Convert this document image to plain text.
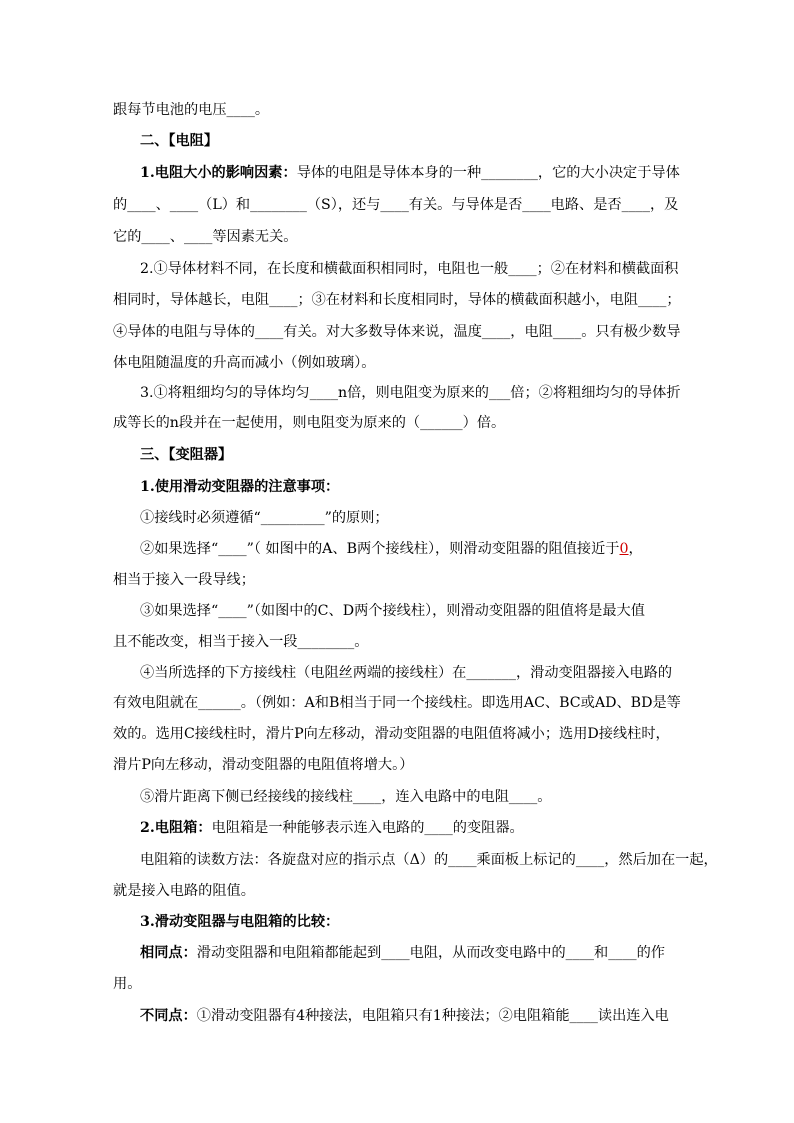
跟每节电池的电压____。
二、【电阻】
1.电阻大小的影响因素：导体的电阻是导体本身的一种________，它的大小决定于导体
的____、____（L）和________（S），还与____有关。与导体是否____电路、是否____，及
它的____、____等因素无关。
2.①导体材料不同，在长度和横截面积相同时，电阻也一般____；②在材料和横截面积
相同时，导体越长，电阻____；③在材料和长度相同时，导体的横截面积越小，电阻____；
④导体的电阻与导体的____有关。对大多数导体来说，温度____，电阻____。只有极少数导
体电阻随温度的升高而减小（例如玻璃）。
3.①将粗细均匀的导体均匀____n倍，则电阻变为原来的___倍；②将粗细均匀的导体折
成等长的n段并在一起使用，则电阻变为原来的（______）倍。
三、【变阻器】
1.使用滑动变阻器的注意事项：
①接线时必须遵循“_________”的原则；
②如果选择“____”（ 如图中的A、B两个接线柱），则滑动变阻器的阻值接近于0，
相当于接入一段导线；
③如果选择“____”（如图中的C、D两个接线柱），则滑动变阻器的阻值将是最大值
且不能改变，相当于接入一段________。
④当所选择的下方接线柱（电阻丝两端的接线柱）在_______，滑动变阻器接入电路的
有效电阻就在______。（例如：A和B相当于同一个接线柱。即选用AC、BC或AD、BD是等
效的。选用C接线柱时，滑片P向左移动，滑动变阻器的电阻值将减小；选用D接线柱时，
滑片P向左移动，滑动变阻器的电阻值将增大。）
⑤滑片距离下侧已经接线的接线柱____，连入电路中的电阻____。
2.电阻箱：电阻箱是一种能够表示连入电路的____的变阻器。
电阻箱的读数方法：各旋盘对应的指示点（Δ）的____乘面板上标记的____，然后加在一起，
就是接入电路的阻值。
3.滑动变阻器与电阻箱的比较：
相同点：滑动变阻器和电阻箱都能起到____电阻，从而改变电路中的____和____的作
用。
不同点：①滑动变阻器有4种接法，电阻箱只有1种接法；②电阻箱能____读出连入电
